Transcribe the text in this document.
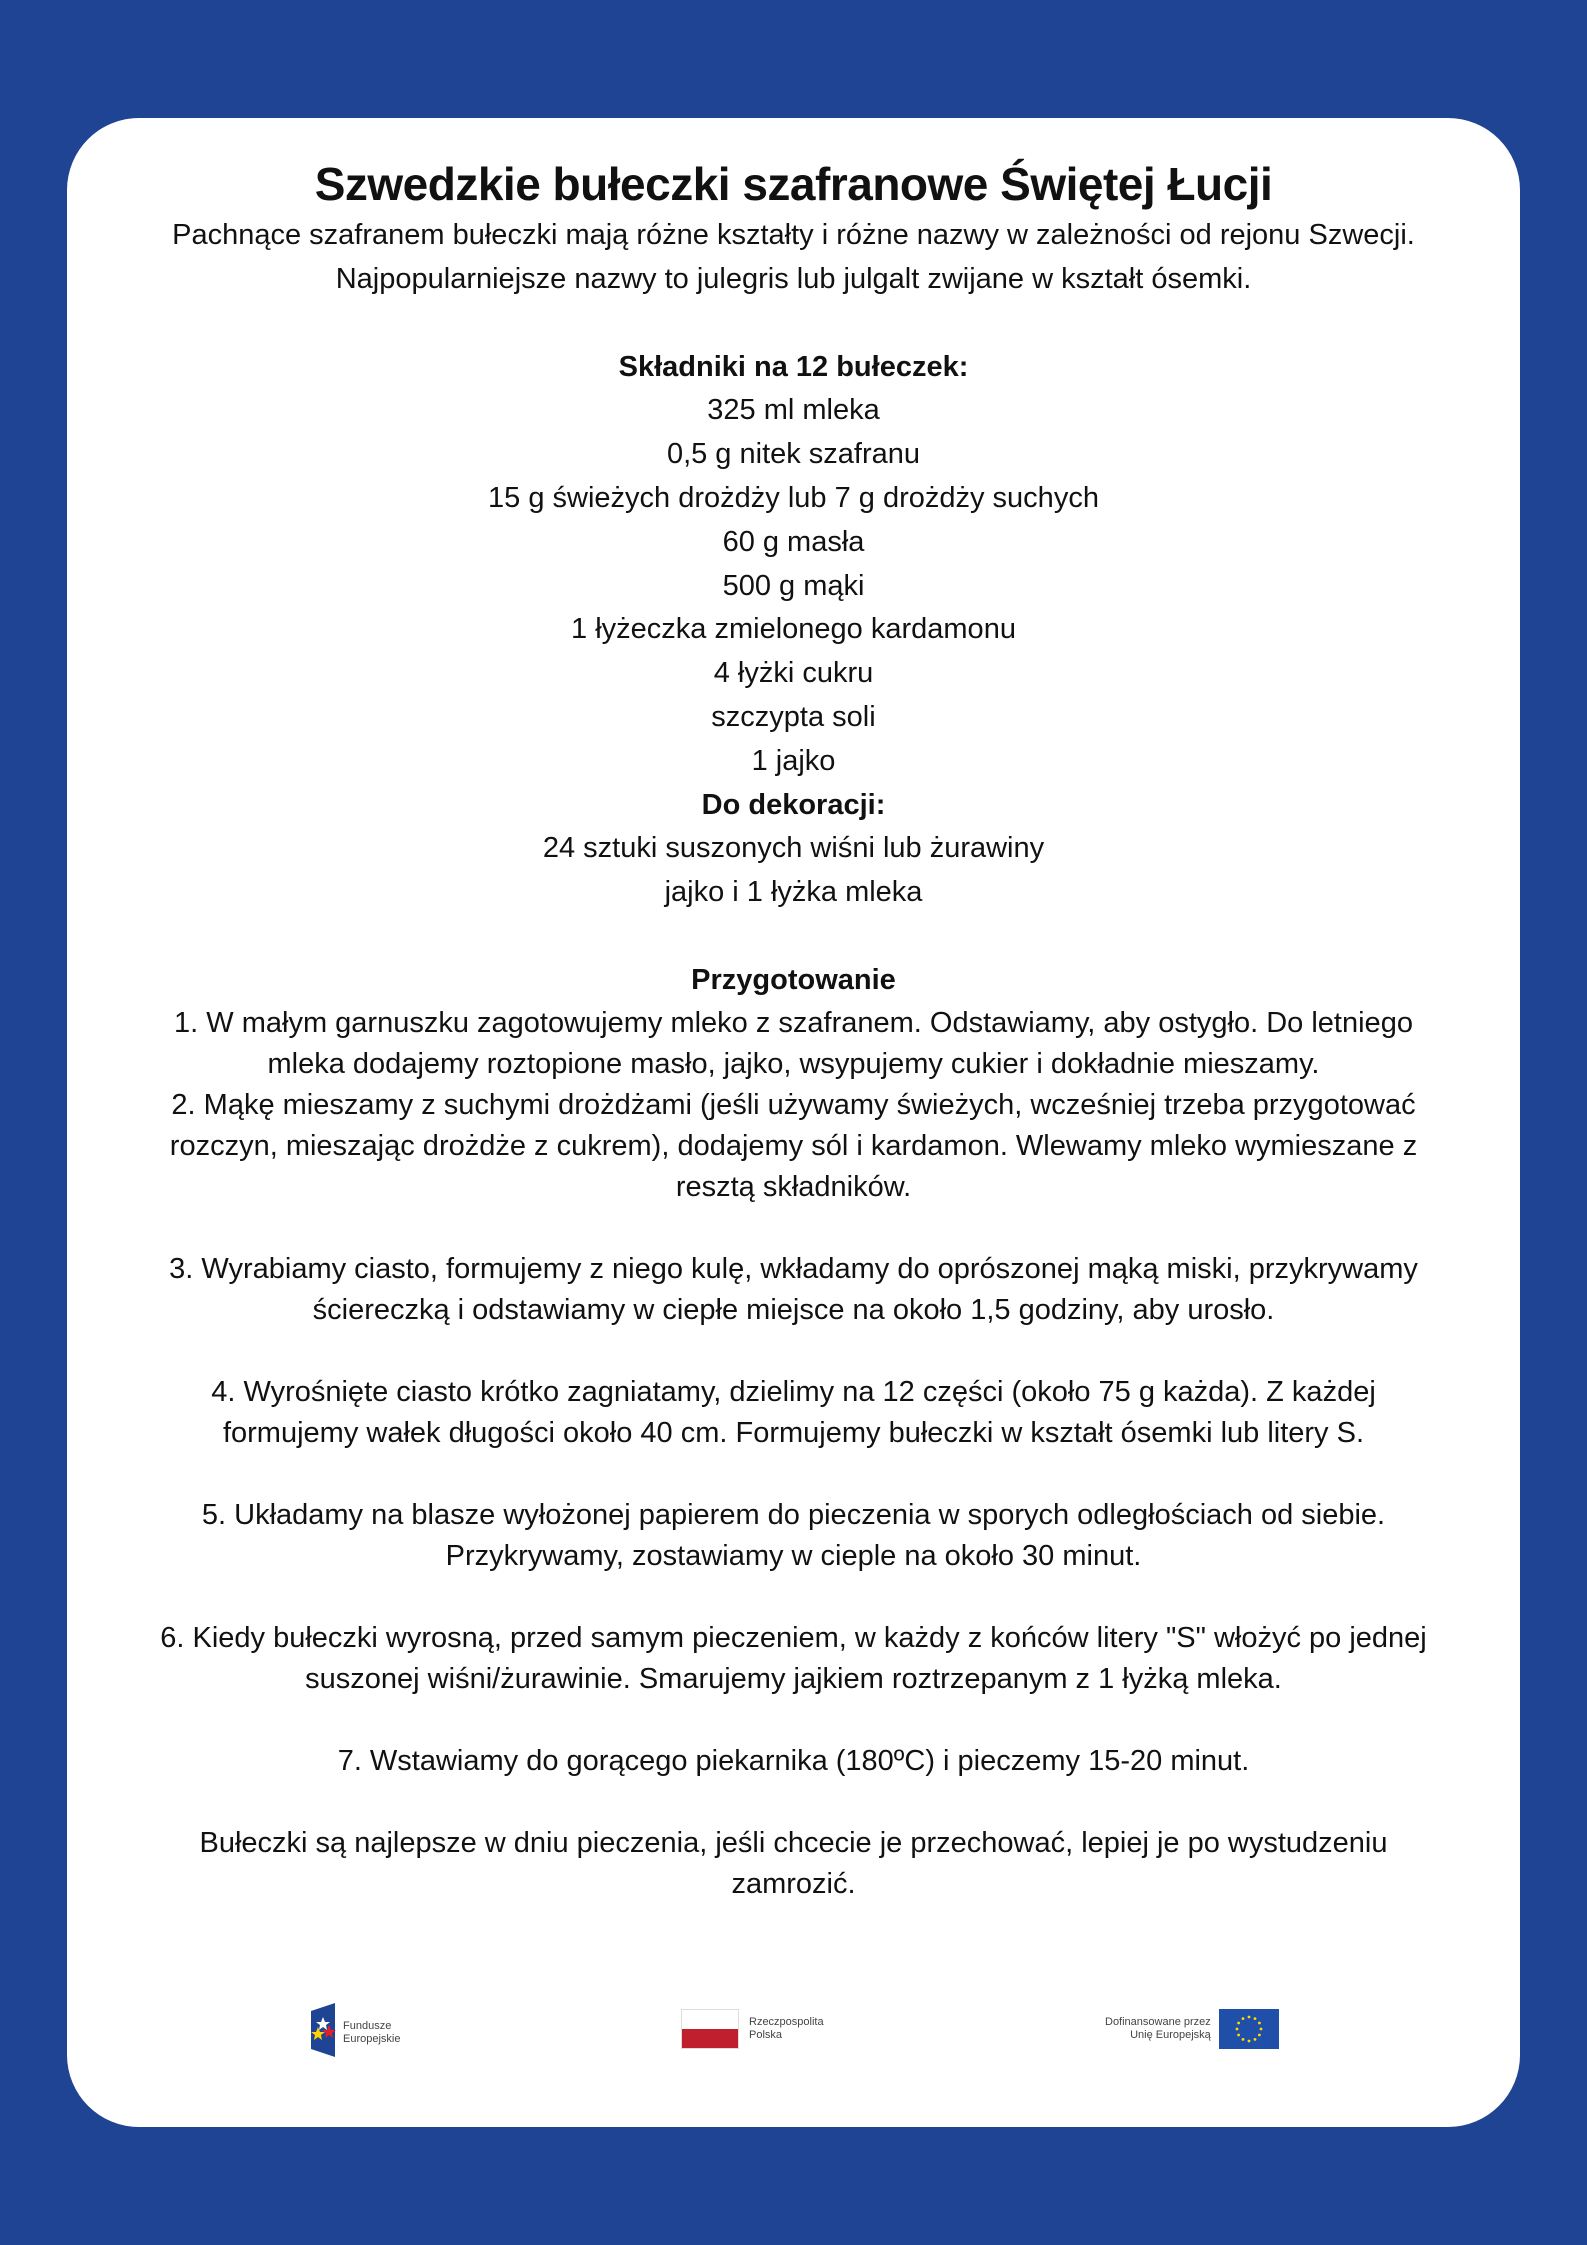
Szwedzkie bułeczki szafranowe Świętej Łucji

Pachnące szafranem bułeczki mają różne kształty i różne nazwy w zależności od rejonu Szwecji. Najpopularniejsze nazwy to julegris lub julgalt zwijane w kształt ósemki.

Składniki na 12 bułeczek:

325 ml mleka

0,5 g nitek szafranu

15 g świeżych drożdży lub 7 g drożdży suchych

60 g masła

500 g mąki

1 łyżeczka zmielonego kardamonu

4 łyżki cukru

szczypta soli

1 jajko

Do dekoracji:

24 sztuki suszonych wiśni lub żurawiny

jajko i 1 łyżka mleka

Przygotowanie

1. W małym garnuszku zagotowujemy mleko z szafranem. Odstawiamy, aby ostygło. Do letniego mleka dodajemy roztopione masło, jajko, wsypujemy cukier i dokładnie mieszamy.

2. Mąkę mieszamy z suchymi drożdżami (jeśli używamy świeżych, wcześniej trzeba przygotować rozczyn, mieszając drożdże z cukrem), dodajemy sól i kardamon. Wlewamy mleko wymieszane z resztą składników.

3. Wyrabiamy ciasto, formujemy z niego kulę, wkładamy do oprószonej mąką miski, przykrywamy ściereczką i odstawiamy w ciepłe miejsce na około 1,5 godziny, aby urosło.

4. Wyrośnięte ciasto krótko zagniatamy, dzielimy na 12 części (około 75 g każda). Z każdej formujemy wałek długości około 40 cm. Formujemy bułeczki w kształt ósemki lub litery S.

5. Układamy na blasze wyłożonej papierem do pieczenia w sporych odległościach od siebie. Przykrywamy, zostawiamy w cieple na około 30 minut.

6. Kiedy bułeczki wyrosną, przed samym pieczeniem, w każdy z końców litery "S" włożyć po jednej suszonej wiśni/żurawinie. Smarujemy jajkiem roztrzepanym z 1 łyżką mleka.

7. Wstawiamy do gorącego piekarnika (180ºC) i pieczemy 15-20 minut.

Bułeczki są najlepsze w dniu pieczenia, jeśli chcecie je przechować, lepiej je po wystudzeniu zamrozić.

Fundusze
Europejskie
Rzeczpospolita
Polska
Dofinansowane przez
Unię Europejską
